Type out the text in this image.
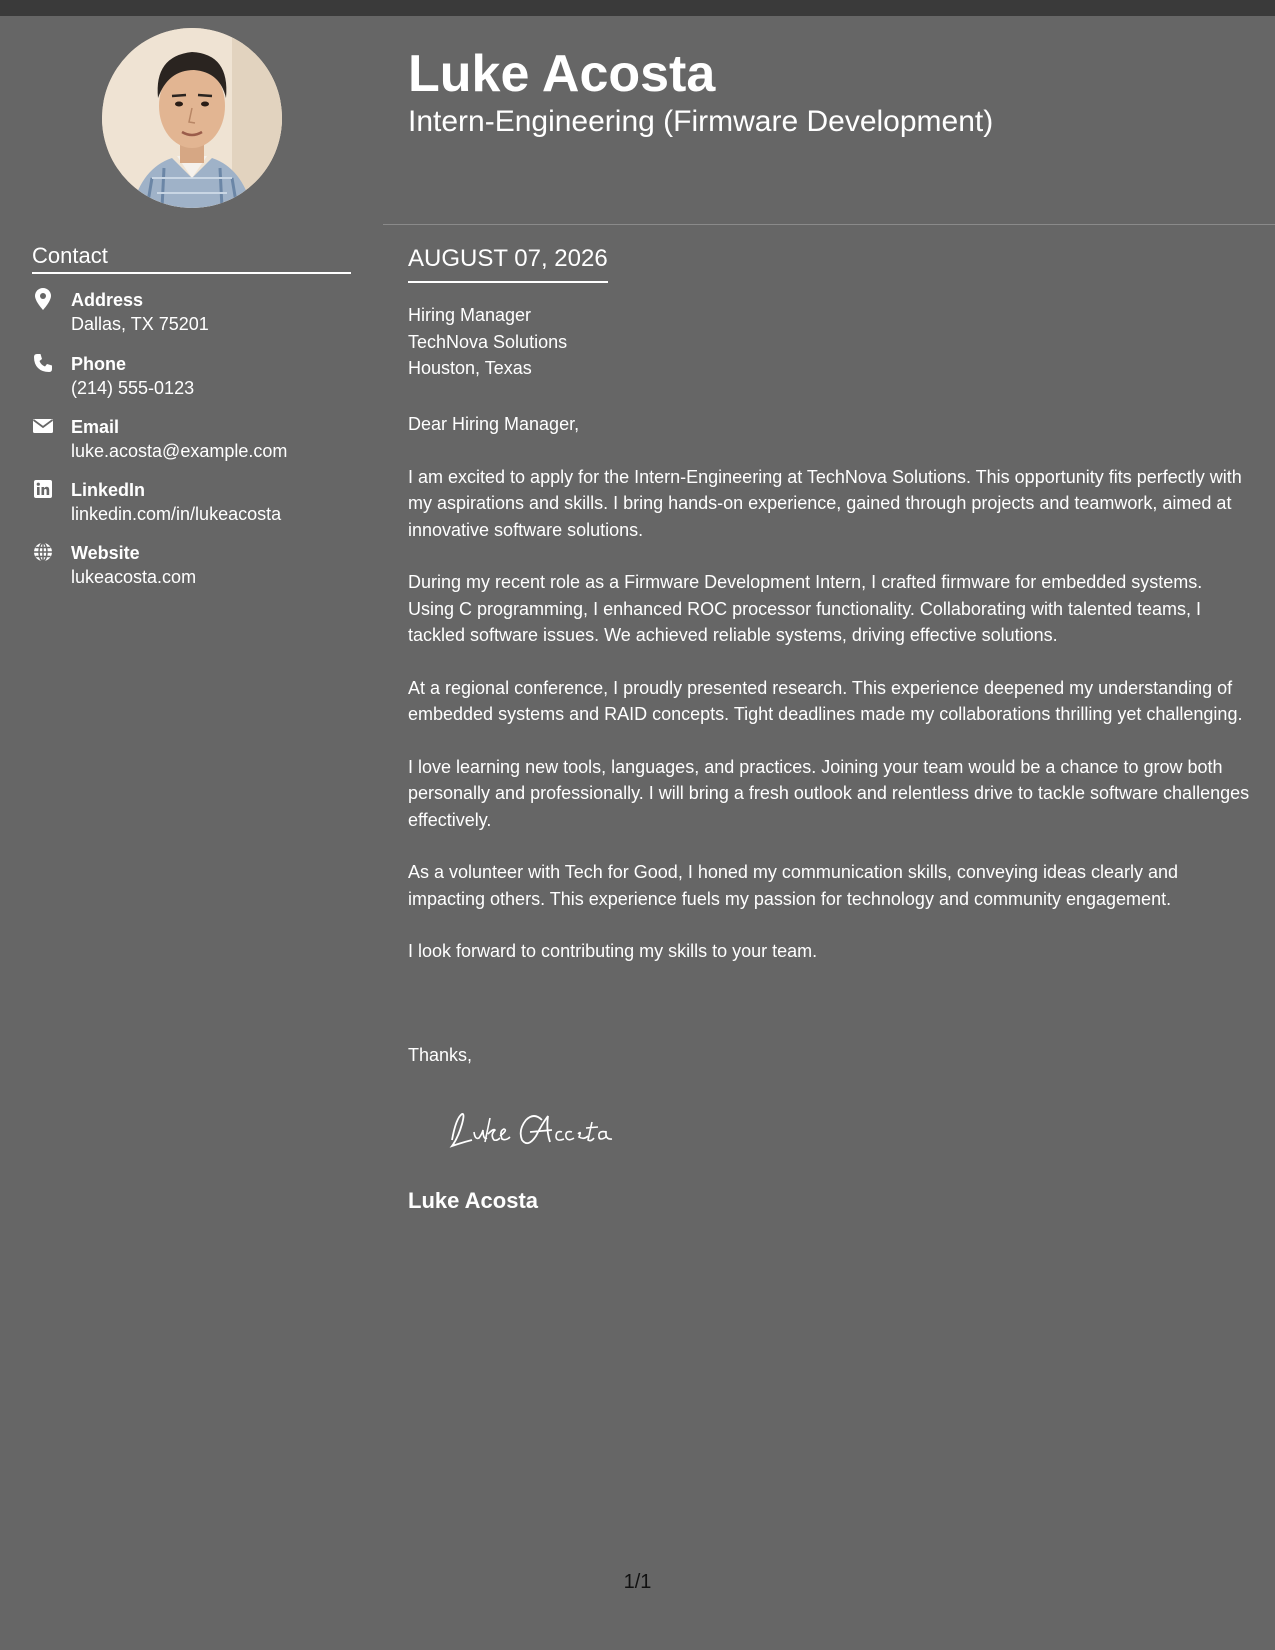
Contact
Address
Dallas, TX 75201
Phone
(214) 555-0123
Email
luke.acosta@example.com
LinkedIn
linkedin.com/in/lukeacosta
Website
lukeacosta.com
Luke Acosta
Intern-Engineering (Firmware Development)
AUGUST 07, 2026
Hiring Manager
TechNova Solutions
Houston, Texas

Dear Hiring Manager,

I am excited to apply for the Intern-Engineering at TechNova Solutions. This opportunity fits perfectly with my aspirations and skills. I bring hands-on experience, gained through projects and teamwork, aimed at innovative software solutions.

During my recent role as a Firmware Development Intern, I crafted firmware for embedded systems. Using C programming, I enhanced ROC processor functionality. Collaborating with talented teams, I tackled software issues. We achieved reliable systems, driving effective solutions.

At a regional conference, I proudly presented research. This experience deepened my understanding of embedded systems and RAID concepts. Tight deadlines made my collaborations thrilling yet challenging.

I love learning new tools, languages, and practices. Joining your team would be a chance to grow both personally and professionally. I will bring a fresh outlook and relentless drive to tackle software challenges effectively.

As a volunteer with Tech for Good, I honed my communication skills, conveying ideas clearly and impacting others. This experience fuels my passion for technology and community engagement.

I look forward to contributing my skills to your team.

Thanks,
Luke Acosta
1/1
